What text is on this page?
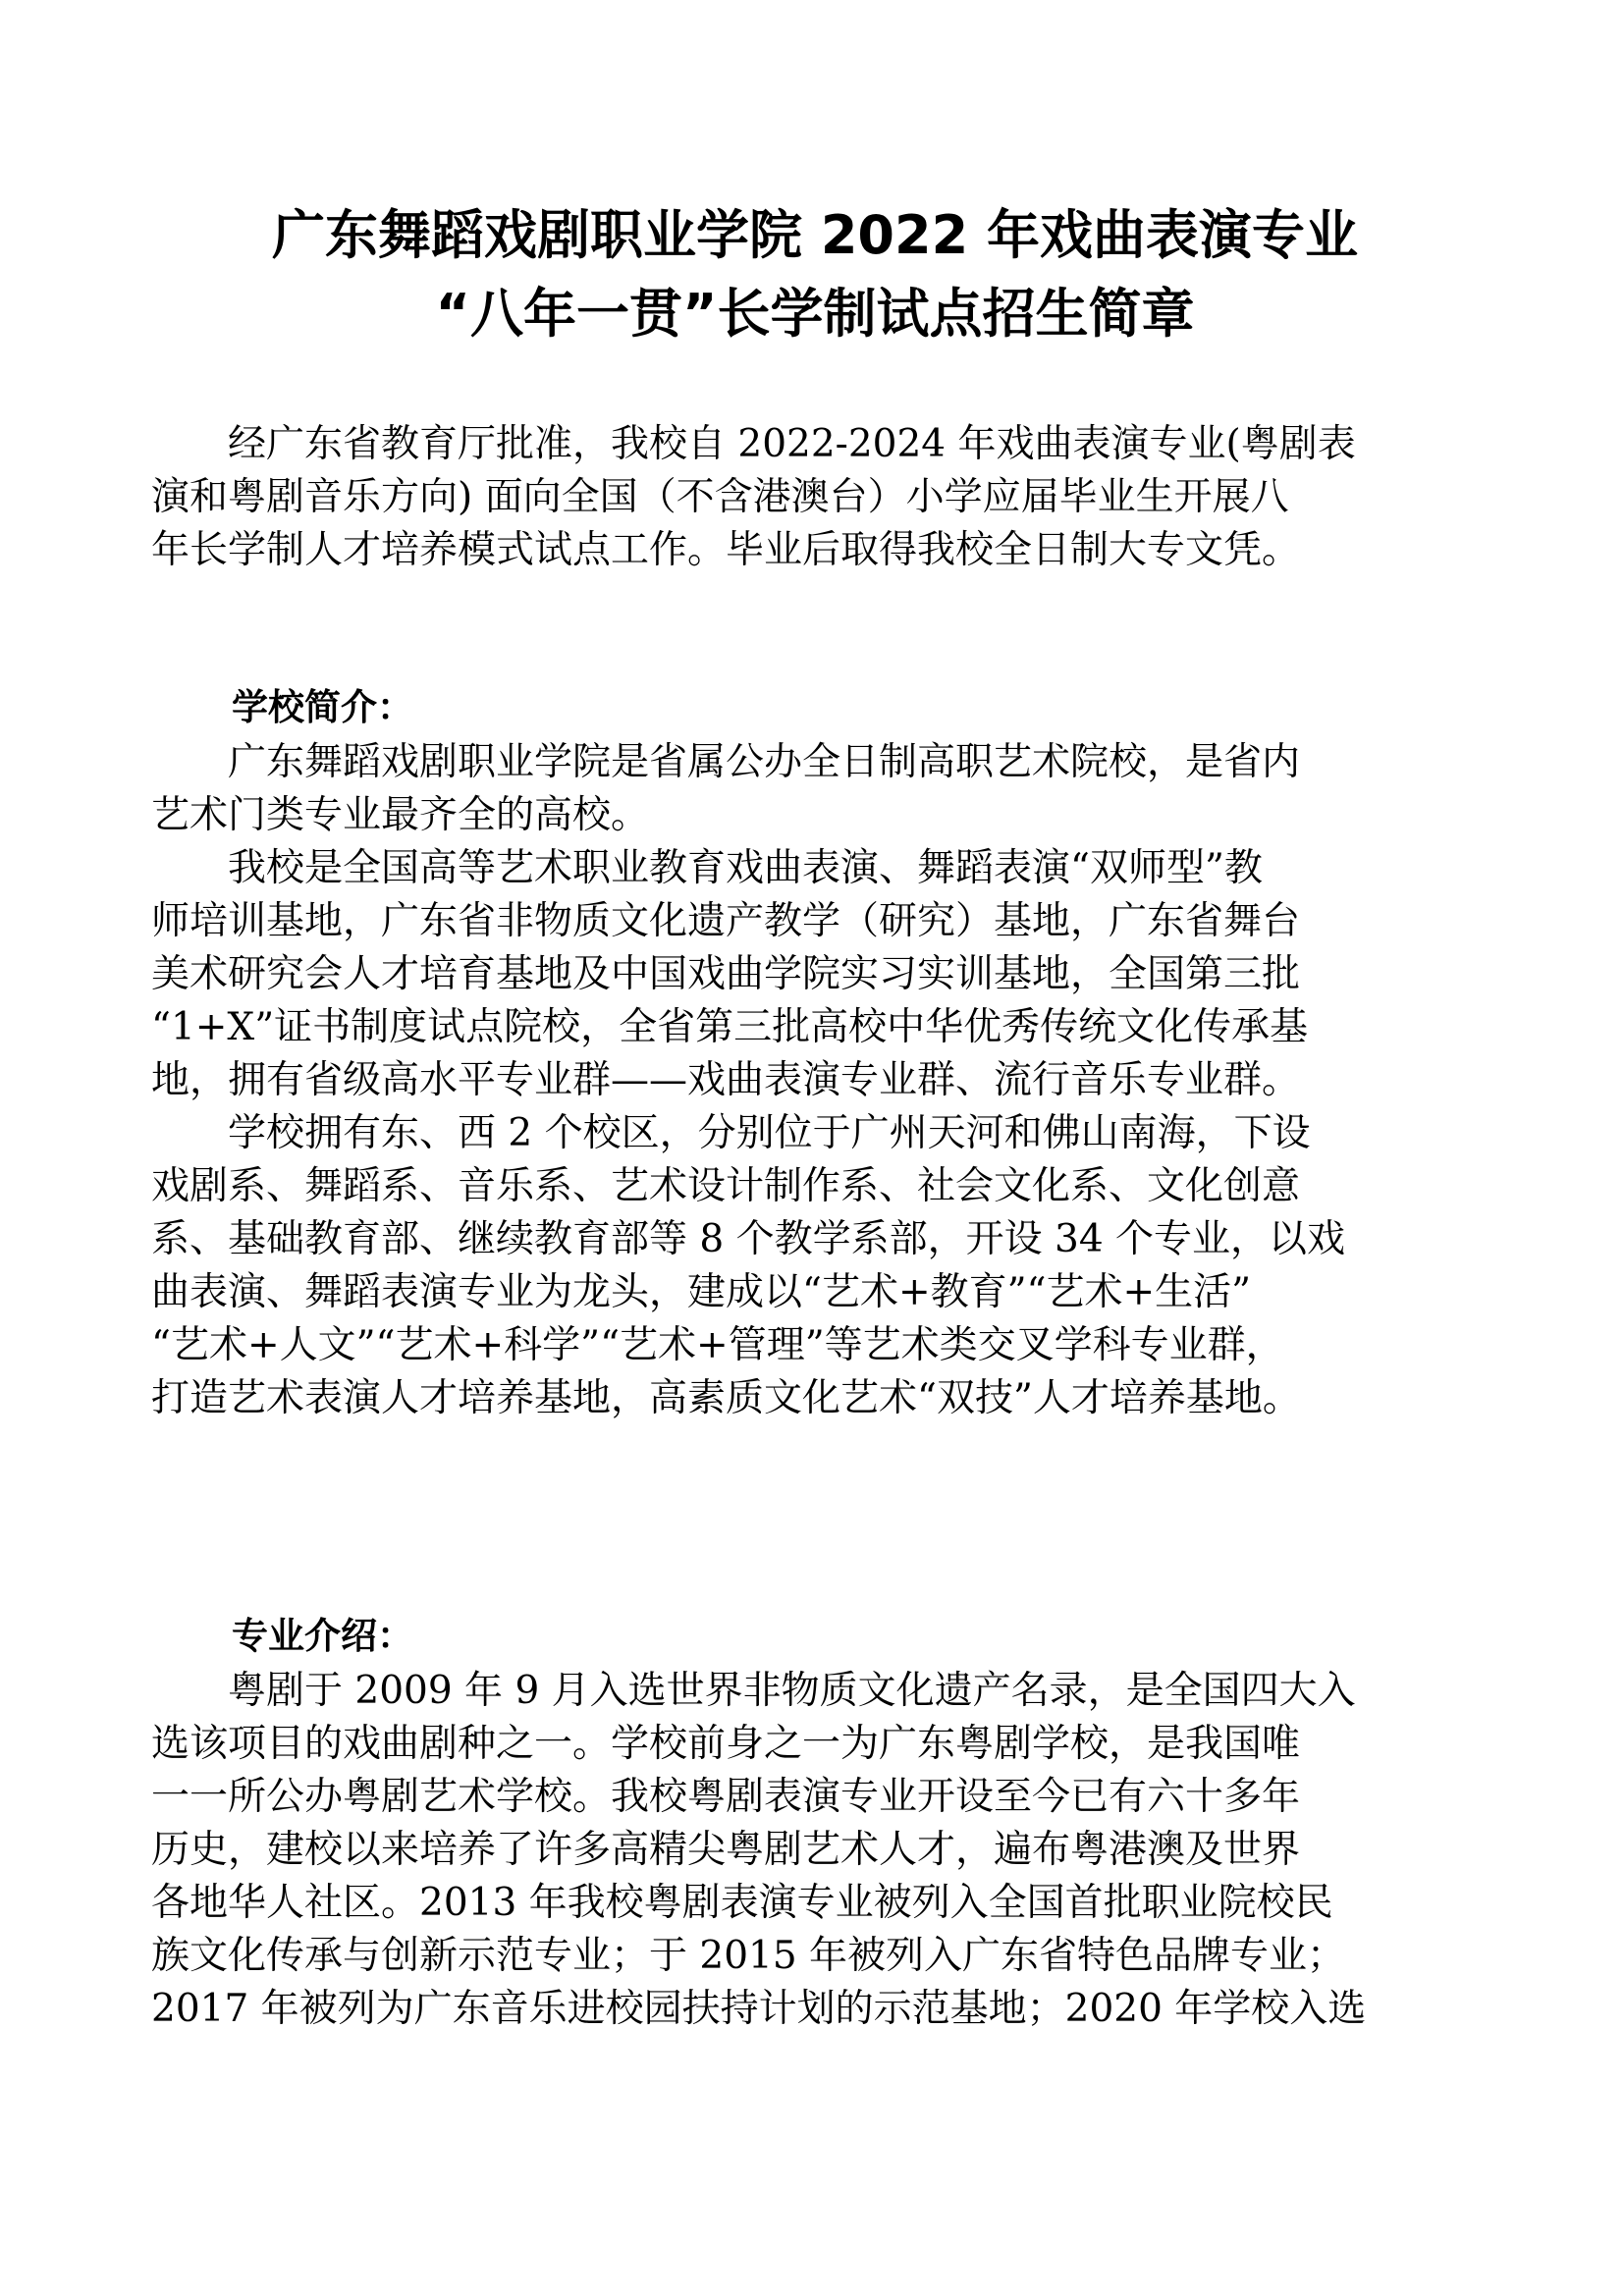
广东舞蹈戏剧职业学院 2022 年戏曲表演专业
“八年一贯”长学制试点招生简章
　　经广东省教育厅批准，我校自 2022-2024 年戏曲表演专业(粤剧表
演和粤剧音乐方向) 面向全国（不含港澳台）小学应届毕业生开展八
年长学制人才培养模式试点工作。毕业后取得我校全日制大专文凭。
学校简介：
　　广东舞蹈戏剧职业学院是省属公办全日制高职艺术院校，是省内
艺术门类专业最齐全的高校。
　　我校是全国高等艺术职业教育戏曲表演、舞蹈表演“双师型”教
师培训基地，广东省非物质文化遗产教学（研究）基地，广东省舞台
美术研究会人才培育基地及中国戏曲学院实习实训基地，全国第三批
“1+X”证书制度试点院校，全省第三批高校中华优秀传统文化传承基
地，拥有省级高水平专业群——戏曲表演专业群、流行音乐专业群。
　　学校拥有东、西 2 个校区，分别位于广州天河和佛山南海，下设
戏剧系、舞蹈系、音乐系、艺术设计制作系、社会文化系、文化创意
系、基础教育部、继续教育部等 8 个教学系部，开设 34 个专业，以戏
曲表演、舞蹈表演专业为龙头，建成以“艺术+教育”“艺术+生活”
“艺术+人文”“艺术+科学”“艺术+管理”等艺术类交叉学科专业群，
打造艺术表演人才培养基地，高素质文化艺术“双技”人才培养基地。
专业介绍：
　　粤剧于 2009 年 9 月入选世界非物质文化遗产名录，是全国四大入
选该项目的戏曲剧种之一。学校前身之一为广东粤剧学校，是我国唯
一一所公办粤剧艺术学校。我校粤剧表演专业开设至今已有六十多年
历史，建校以来培养了许多高精尖粤剧艺术人才，遍布粤港澳及世界
各地华人社区。2013 年我校粤剧表演专业被列入全国首批职业院校民
族文化传承与创新示范专业；于 2015 年被列入广东省特色品牌专业；
2017 年被列为广东音乐进校园扶持计划的示范基地；2020 年学校入选
